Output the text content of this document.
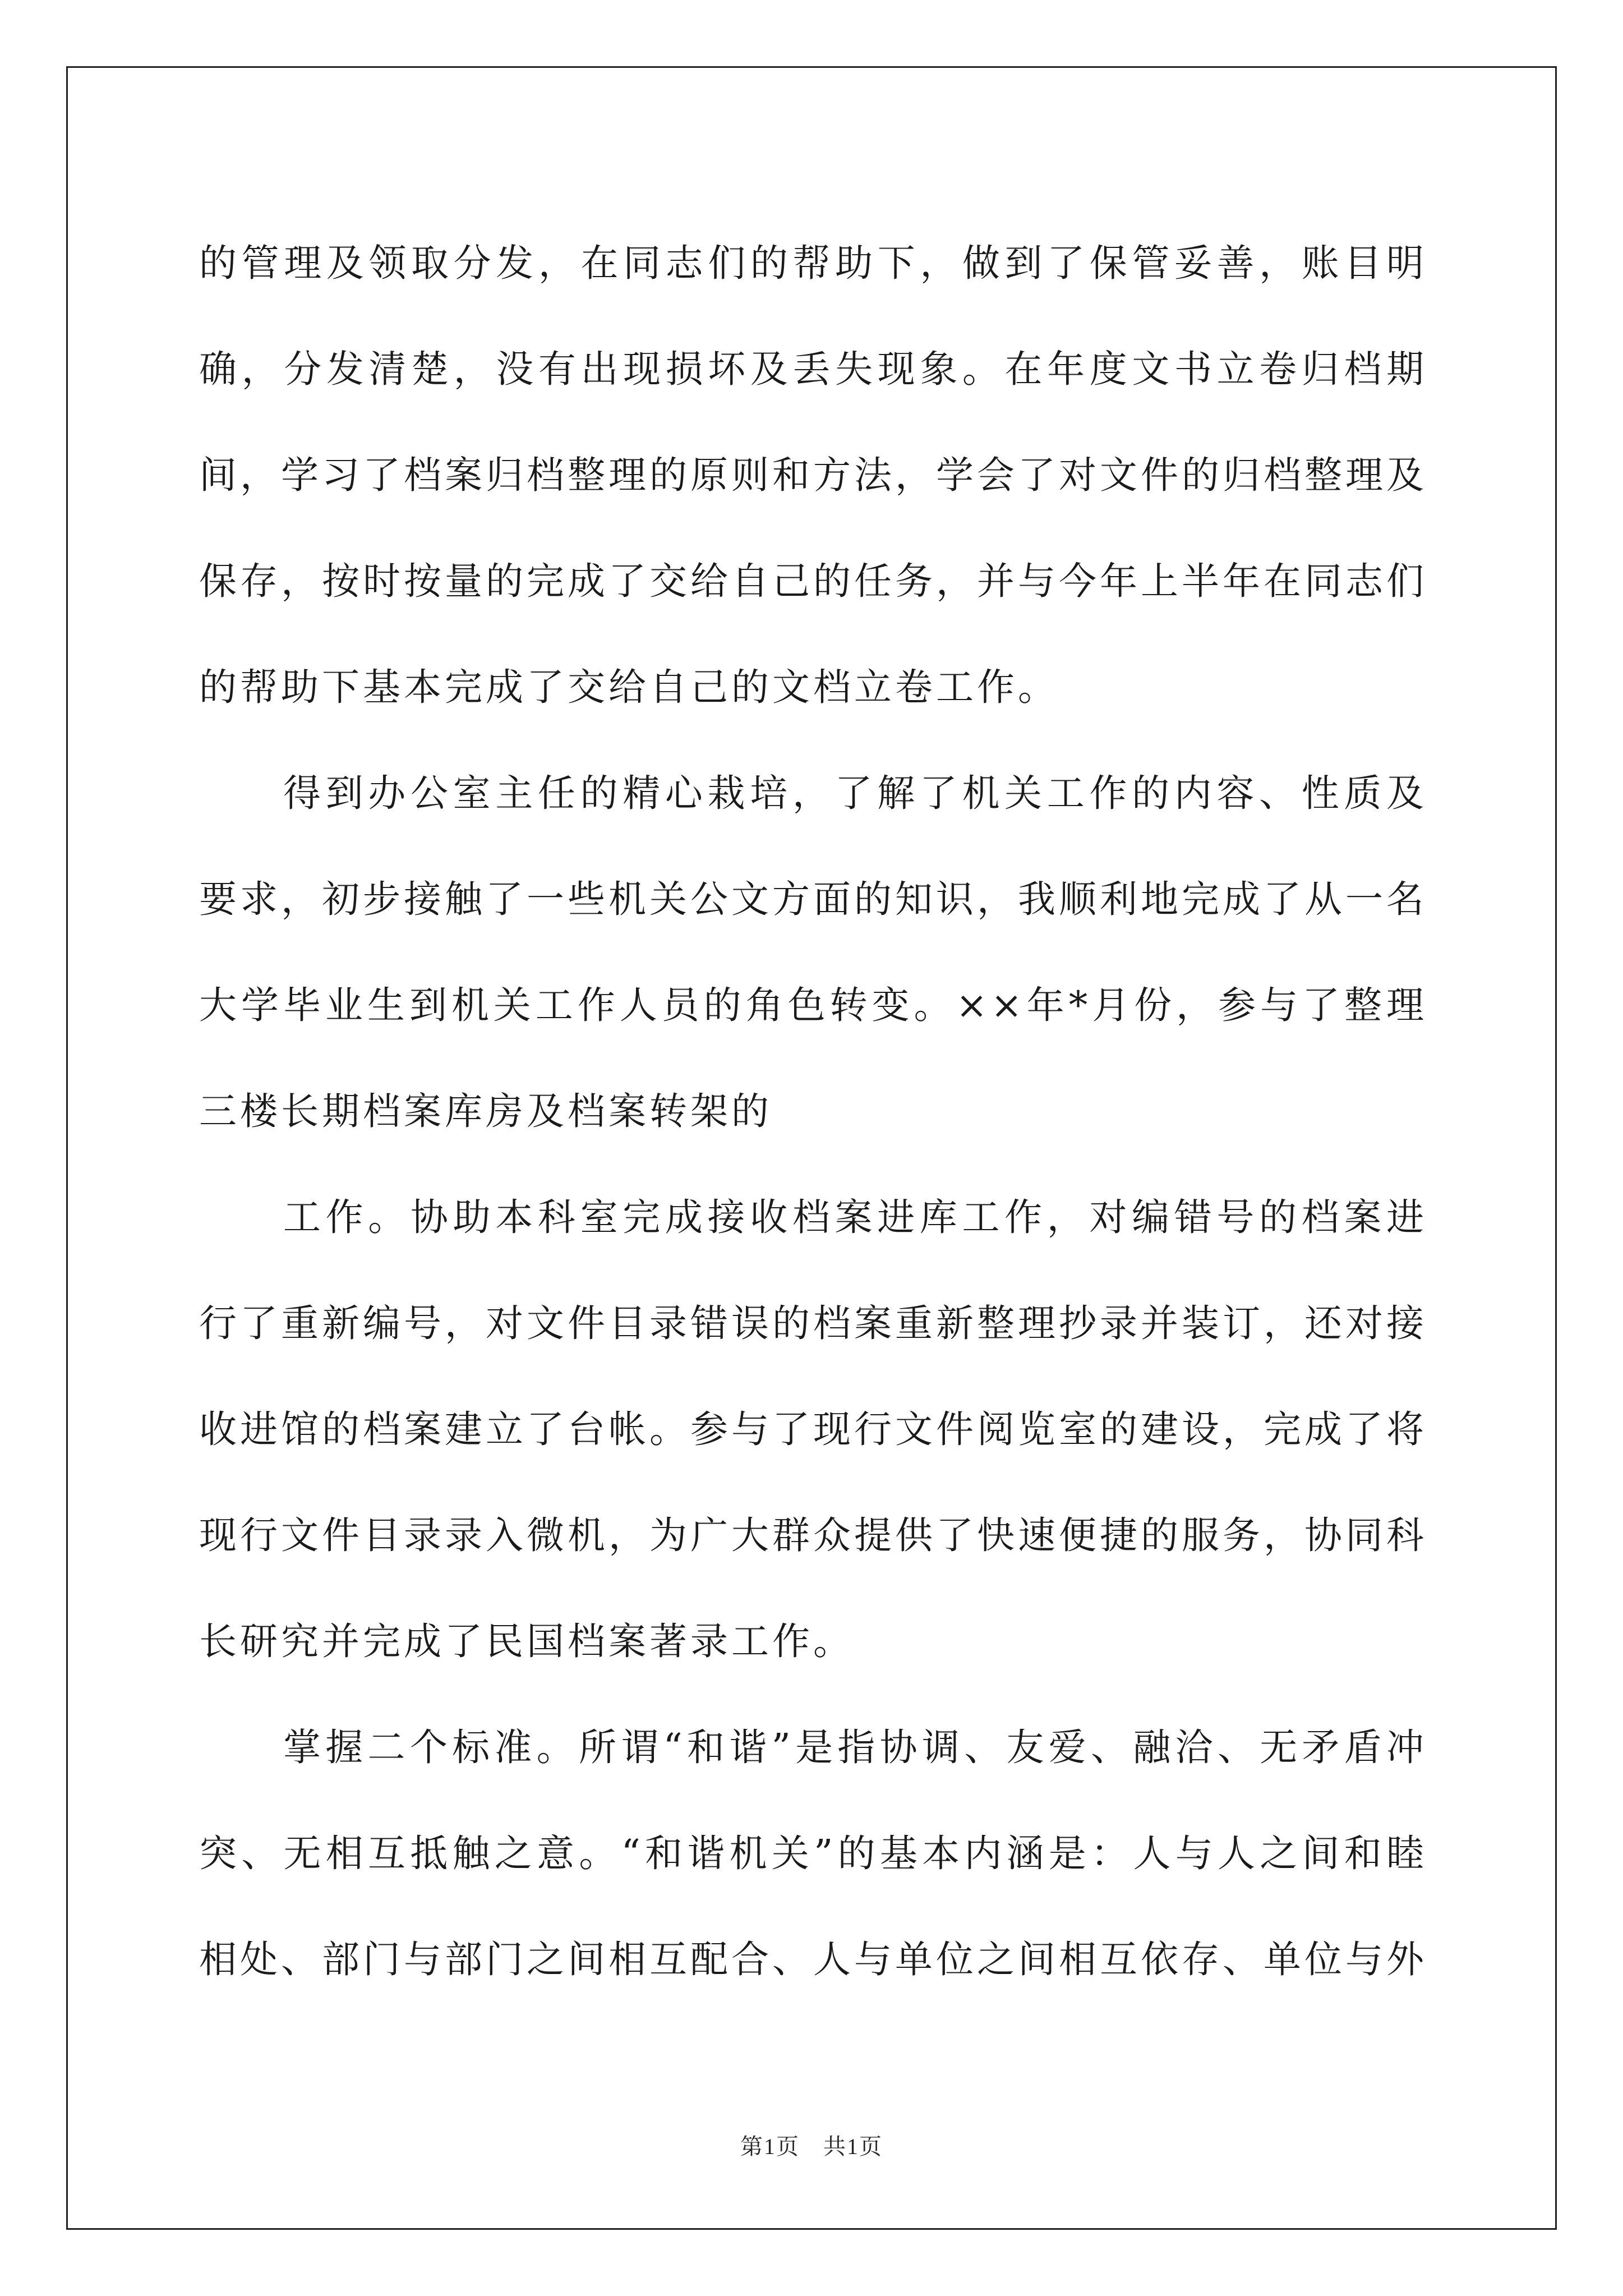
的管理及领取分发，在同志们的帮助下，做到了保管妥善，账目明确，分发清楚，没有出现损坏及丢失现象。在年度文书立卷归档期间，学习了档案归档整理的原则和方法，学会了对文件的归档整理及保存，按时按量的完成了交给自己的任务，并与今年上半年在同志们的帮助下基本完成了交给自己的文档立卷工作。

得到办公室主任的精心栽培，了解了机关工作的内容、性质及要求，初步接触了一些机关公文方面的知识，我顺利地完成了从一名大学毕业生到机关工作人员的角色转变。××年*月份，参与了整理三楼长期档案库房及档案转架的

工作。协助本科室完成接收档案进库工作，对编错号的档案进行了重新编号，对文件目录错误的档案重新整理抄录并装订，还对接收进馆的档案建立了台帐。参与了现行文件阅览室的建设，完成了将现行文件目录录入微机，为广大群众提供了快速便捷的服务，协同科长研究并完成了民国档案著录工作。

掌握二个标准。所谓“和谐”是指协调、友爱、融洽、无矛盾冲突、无相互抵触之意。“和谐机关”的基本内涵是：人与人之间和睦相处、部门与部门之间相互配合、人与单位之间相互依存、单位与外

第1页 共1页
